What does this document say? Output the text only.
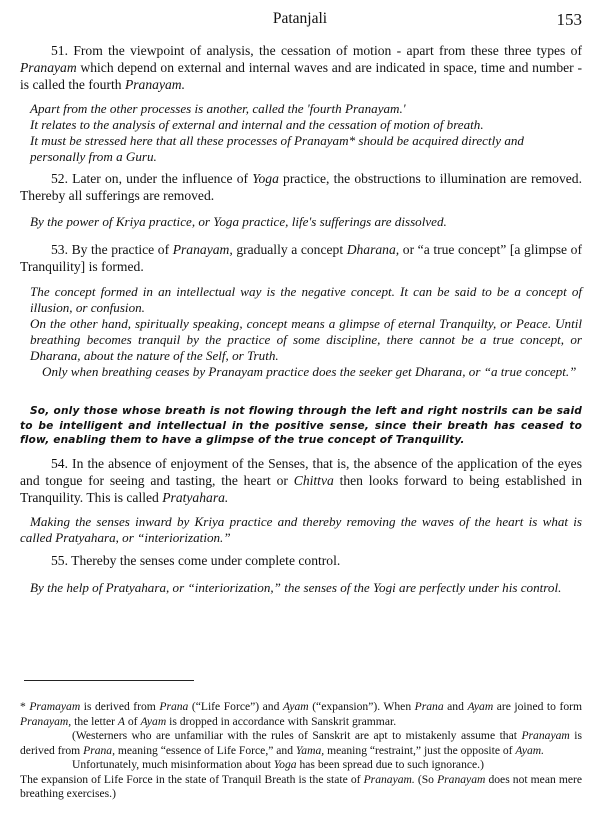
Patanjali	153

51. From the viewpoint of analysis, the cessation of motion - apart from these three types of Pranayam which depend on external and internal waves and are indicated in space, time and number - is called the fourth Pranayam.

Apart from the other processes is another, called the 'fourth Pranayam.'
It relates to the analysis of external and internal and the cessation of motion of breath.
It must be stressed here that all these processes of Pranayam* should be acquired directly and personally from a Guru.

52. Later on, under the influence of Yoga practice, the obstructions to illumination are removed. Thereby all sufferings are removed.

By the power of Kriya practice, or Yoga practice, life's sufferings are dissolved.

53. By the practice of Pranayam, gradually a concept Dharana, or “a true concept” [a glimpse of Tranquility] is formed.

The concept formed in an intellectual way is the negative concept. It can be said to be a concept of illusion, or confusion.
On the other hand, spiritually speaking, concept means a glimpse of eternal Tranquilty, or Peace. Until breathing becomes tranquil by the practice of some discipline, there cannot be a true concept, or Dharana, about the nature of the Self, or Truth.
Only when breathing ceases by Pranayam practice does the seeker get Dharana, or “a true concept.”

So, only those whose breath is not flowing through the left and right nostrils can be said to be intelligent and intellectual in the positive sense, since their breath has ceased to flow, enabling them to have a glimpse of the true concept of Tranquility.

54. In the absence of enjoyment of the Senses, that is, the absence of the application of the eyes and tongue for seeing and tasting, the heart or Chittva then looks forward to being established in Tranquility. This is called Pratyahara.

Making the senses inward by Kriya practice and thereby removing the waves of the heart is what is called Pratyahara, or “interiorization.”

55. Thereby the senses come under complete control.

By the help of Pratyahara, or “interiorization,” the senses of the Yogi are perfectly under his control.

* Pramayam is derived from Prana (“Life Force”) and Ayam (“expansion”). When Prana and Ayam are joined to form Pranayam, the letter A of Ayam is dropped in accordance with Sanskrit grammar.

(Westerners who are unfamiliar with the rules of Sanskrit are apt to mistakenly assume that Pranayam is derived from Prana, meaning “essence of Life Force,” and Yama, meaning “restraint,” just the opposite of Ayam.

Unfortunately, much misinformation about Yoga has been spread due to such ignorance.)

The expansion of Life Force in the state of Tranquil Breath is the state of Pranayam. (So Pranayam does not mean mere breathing exercises.)
